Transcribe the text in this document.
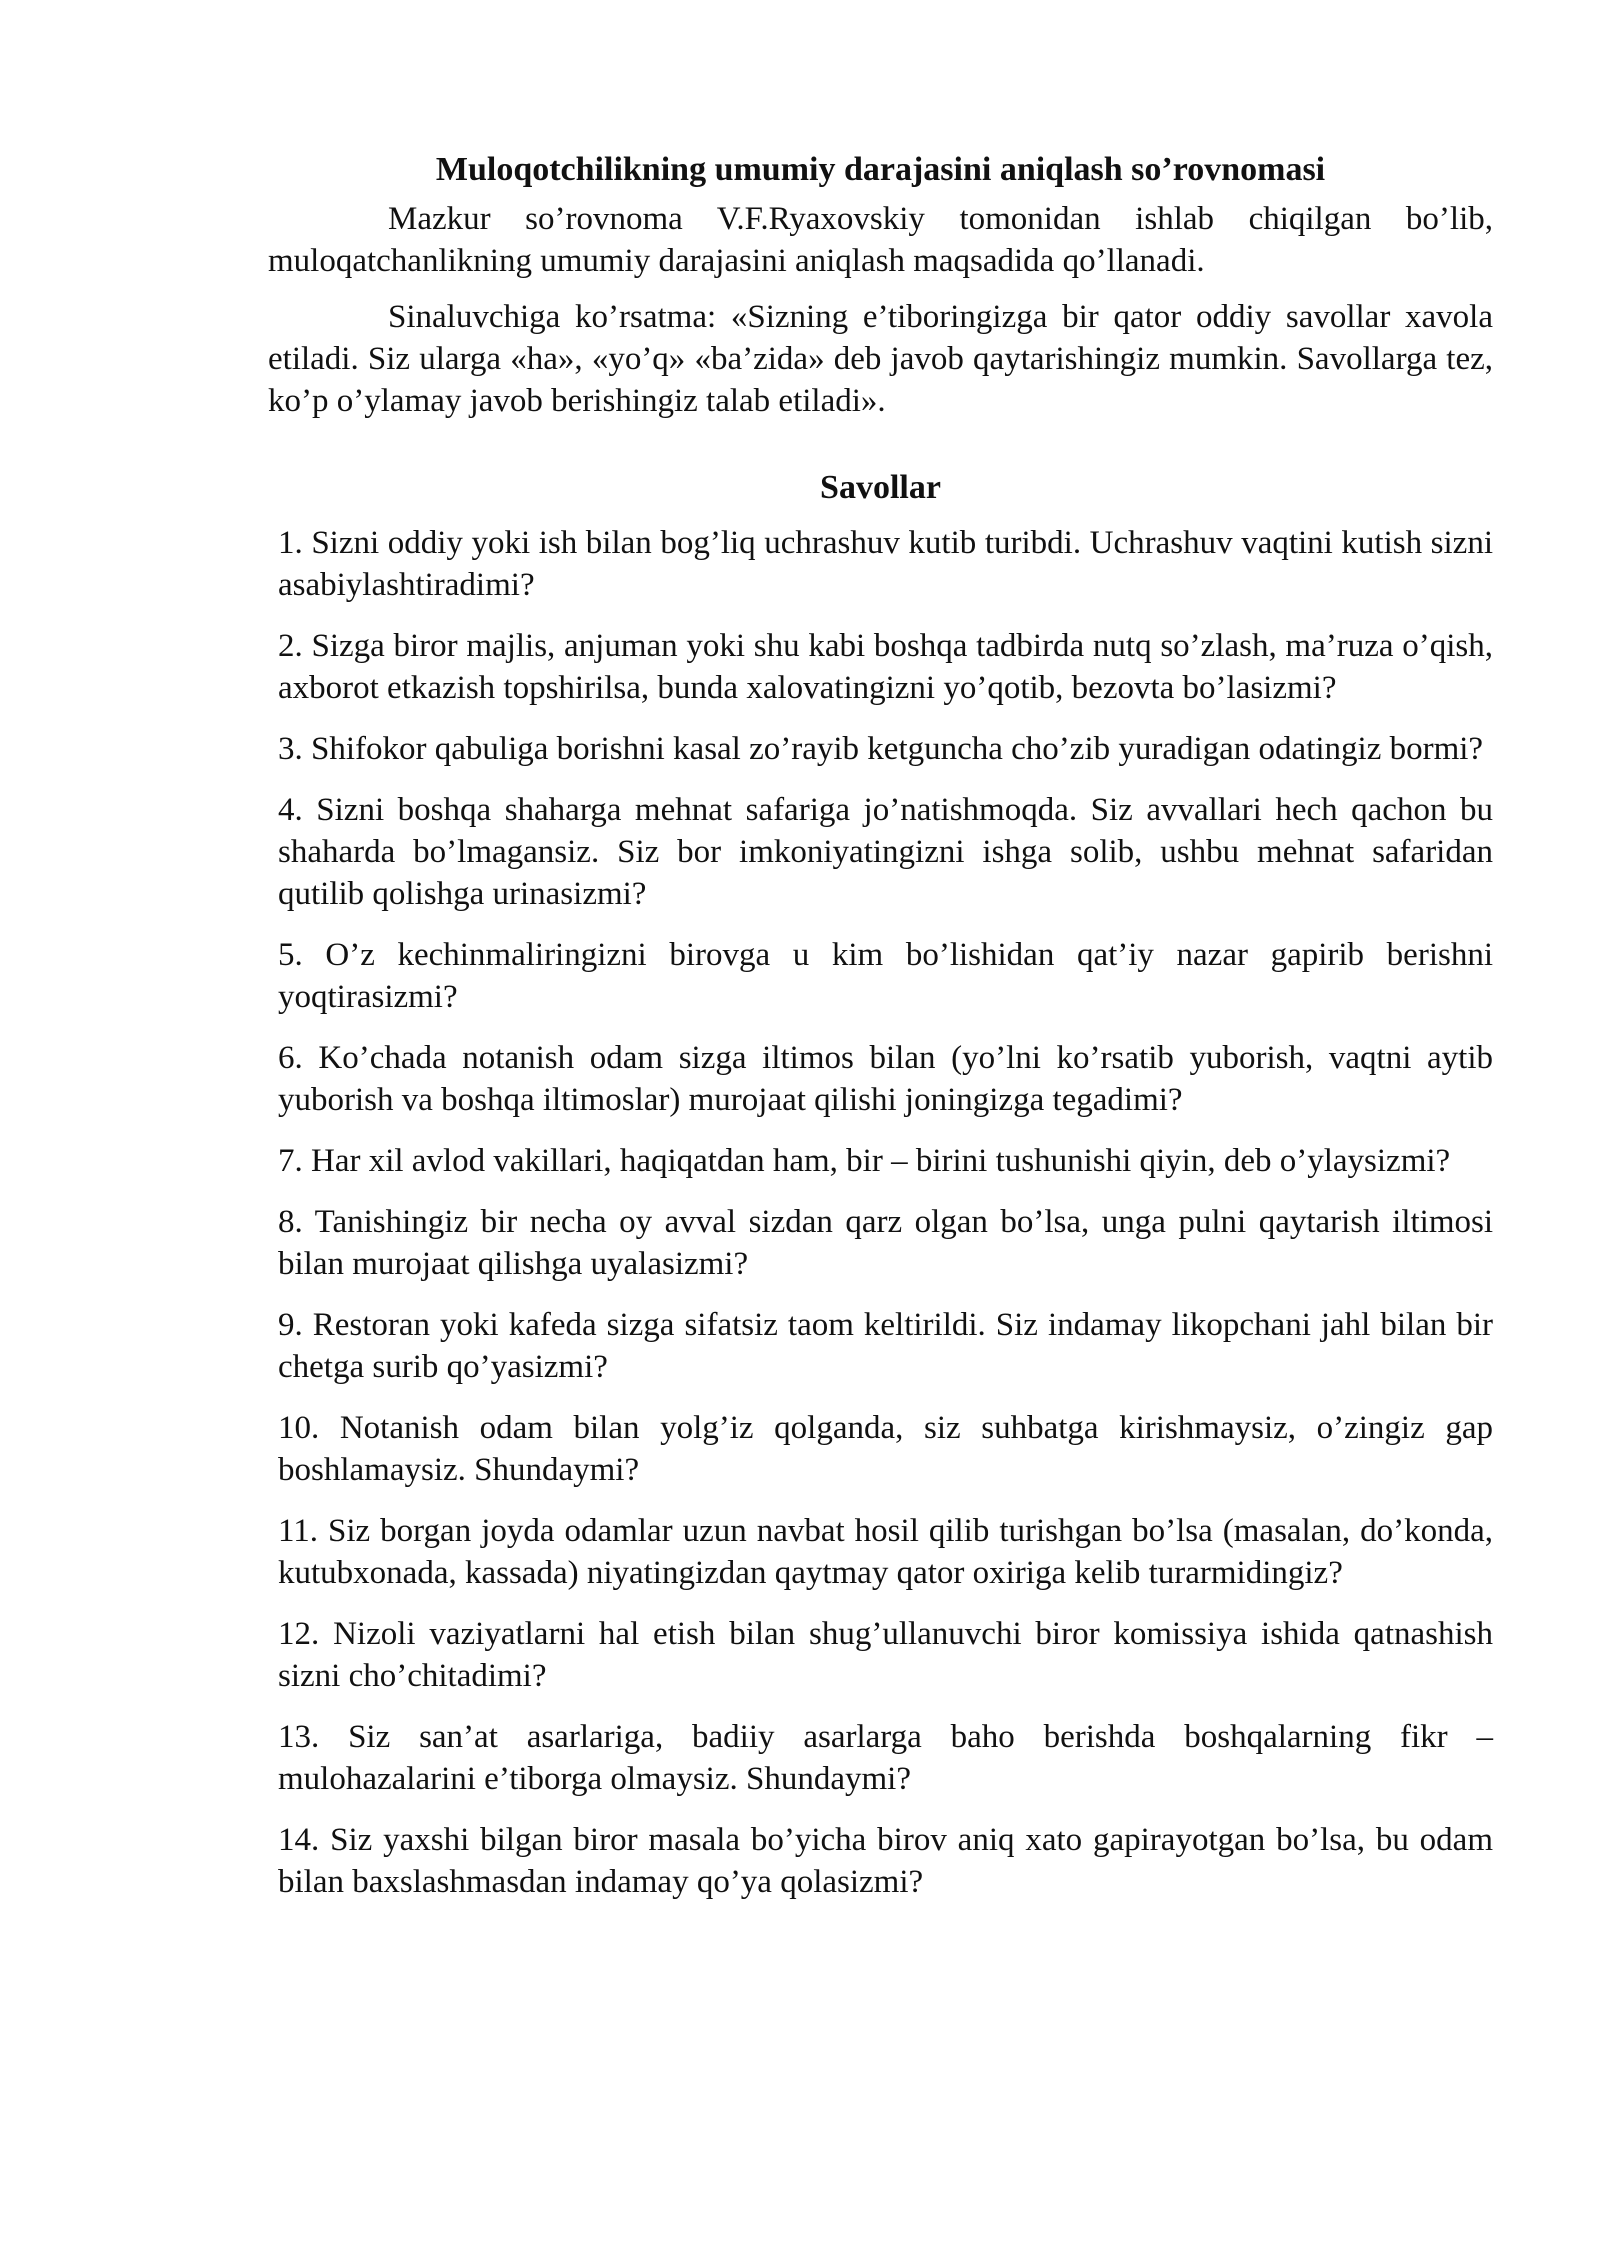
Muloqotchilikning umumiy darajasini aniqlash so’rovnomasi

Mazkur so’rovnoma V.F.Ryaxovskiy tomonidan ishlab chiqilgan bo’lib, muloqatchanlikning umumiy darajasini aniqlash maqsadida qo’llanadi.

Sinaluvchiga ko’rsatma: «Sizning e’tiboringizga bir qator oddiy savollar xavola etiladi. Siz ularga «ha», «yo’q» «ba’zida» deb javob qaytarishingiz mumkin. Savollarga tez, ko’p o’ylamay javob berishingiz talab etiladi».

Savollar
1. Sizni oddiy yoki ish bilan bog’liq uchrashuv kutib turibdi. Uchrashuv vaqtini kutish sizni asabiylashtiradimi?
2. Sizga biror majlis, anjuman yoki shu kabi boshqa tadbirda nutq so’zlash, ma’ruza o’qish, axborot etkazish topshirilsa, bunda xalovatingizni yo’qotib, bezovta bo’lasizmi?
3. Shifokor qabuliga borishni kasal zo’rayib ketguncha cho’zib yuradigan odatingiz bormi?
4. Sizni boshqa shaharga mehnat safariga jo’natishmoqda. Siz avvallari hech qachon bu shaharda bo’lmagansiz. Siz bor imkoniyatingizni ishga solib, ushbu mehnat safaridan qutilib qolishga urinasizmi?
5. O’z kechinmaliringizni birovga u kim bo’lishidan qat’iy nazar gapirib berishni yoqtirasizmi?
6. Ko’chada notanish odam sizga iltimos bilan (yo’lni ko’rsatib yuborish, vaqtni aytib yuborish va boshqa iltimoslar) murojaat qilishi joningizga tegadimi?
7. Har xil avlod vakillari, haqiqatdan ham, bir – birini tushunishi qiyin, deb o’ylaysizmi?
8. Tanishingiz bir necha oy avval sizdan qarz olgan bo’lsa, unga pulni qaytarish iltimosi bilan murojaat qilishga uyalasizmi?
9. Restoran yoki kafeda sizga sifatsiz taom keltirildi. Siz indamay likopchani jahl bilan bir chetga surib qo’yasizmi?
10. Notanish odam bilan yolg’iz qolganda, siz suhbatga kirishmaysiz, o’zingiz gap boshlamaysiz. Shundaymi?
11. Siz borgan joyda odamlar uzun navbat hosil qilib turishgan bo’lsa (masalan, do’konda, kutubxonada, kassada) niyatingizdan qaytmay qator oxiriga kelib turarmidingiz?
12. Nizoli vaziyatlarni hal etish bilan shug’ullanuvchi biror komissiya ishida qatnashish sizni cho’chitadimi?
13. Siz san’at asarlariga, badiiy asarlarga baho berishda boshqalarning fikr – mulohazalarini e’tiborga olmaysiz. Shundaymi?
14. Siz yaxshi bilgan biror masala bo’yicha birov aniq xato gapirayotgan bo’lsa, bu odam bilan baxslashmasdan indamay qo’ya qolasizmi?
